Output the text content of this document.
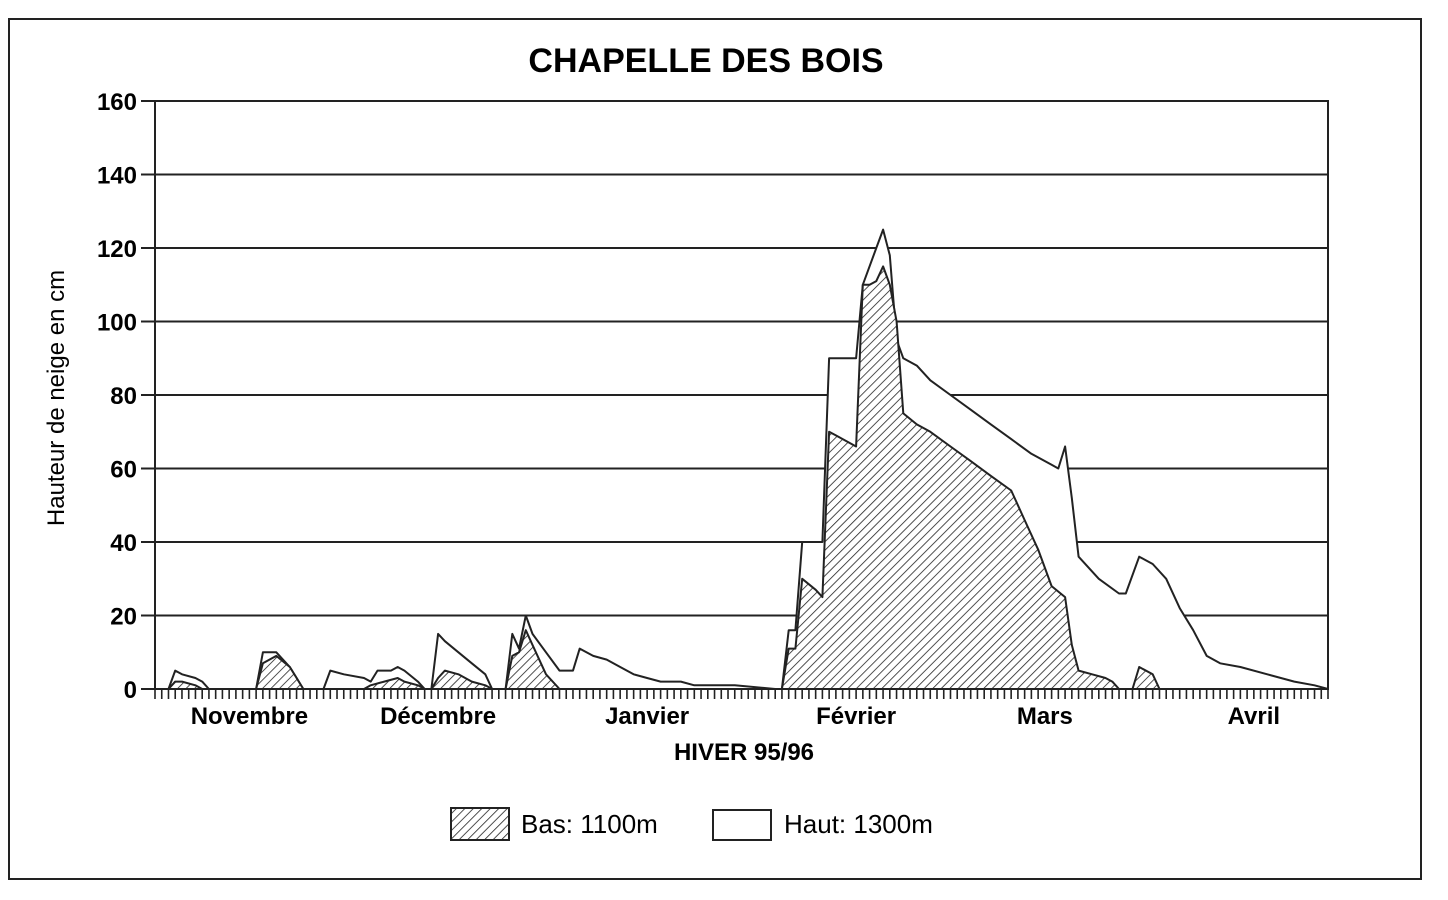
CHAPELLE DES BOIS
0
20
40
60
80
100
120
140
160
Novembre	Décembre	Janvier	Février	Mars	Avril
HIVER 95/96
Hauteur de neige en cm
Bas: 1100m	Haut: 1300m
